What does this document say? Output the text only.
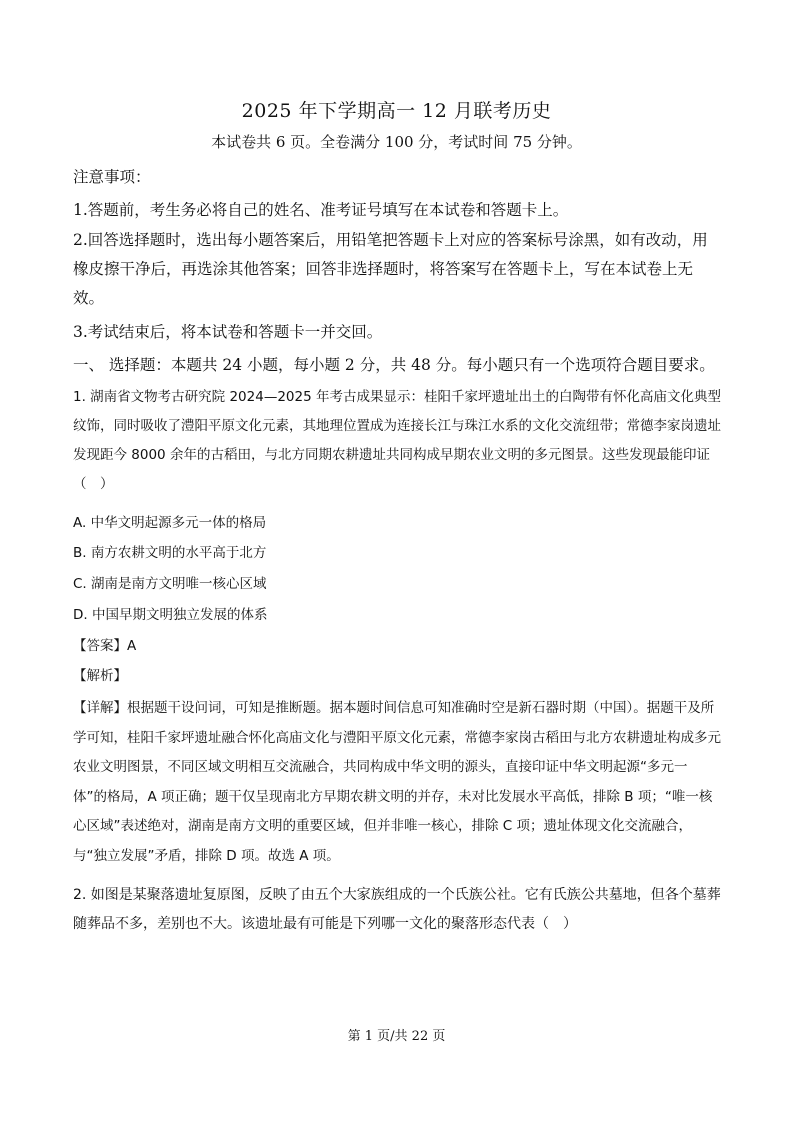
2025 年下学期高一 12 月联考历史
本试卷共 6 页。全卷满分 100 分，考试时间 75 分钟。
注意事项：
1.答题前，考生务必将自己的姓名、准考证号填写在本试卷和答题卡上。
2.回答选择题时，选出每小题答案后，用铅笔把答题卡上对应的答案标号涂黑，如有改动，用橡皮擦干净后，再选涂其他答案；回答非选择题时，将答案写在答题卡上，写在本试卷上无效。
3.考试结束后，将本试卷和答题卡一并交回。
一、 选择题：本题共 24 小题，每小题 2 分，共 48 分。每小题只有一个选项符合题目要求。
1. 湖南省文物考古研究院 2024—2025 年考古成果显示：桂阳千家坪遗址出土的白陶带有怀化高庙文化典型纹饰，同时吸收了澧阳平原文化元素，其地理位置成为连接长江与珠江水系的文化交流纽带；常德李家岗遗址发现距今 8000 余年的古稻田，与北方同期农耕遗址共同构成早期农业文明的多元图景。这些发现最能印证（　）
A. 中华文明起源多元一体的格局
B. 南方农耕文明的水平高于北方
C. 湖南是南方文明唯一核心区域
D. 中国早期文明独立发展的体系
【答案】A
【解析】
【详解】根据题干设问词，可知是推断题。据本题时间信息可知准确时空是新石器时期（中国）。据题干及所学可知，桂阳千家坪遗址融合怀化高庙文化与澧阳平原文化元素，常德李家岗古稻田与北方农耕遗址构成多元农业文明图景，不同区域文明相互交流融合，共同构成中华文明的源头，直接印证中华文明起源“多元一体”的格局，A 项正确；题干仅呈现南北方早期农耕文明的并存，未对比发展水平高低，排除 B 项；“唯一核心区域”表述绝对，湖南是南方文明的重要区域，但并非唯一核心，排除 C 项；遗址体现文化交流融合，与“独立发展”矛盾，排除 D 项。故选 A 项。
2. 如图是某聚落遗址复原图，反映了由五个大家族组成的一个氏族公社。它有氏族公共墓地，但各个墓葬随葬品不多，差别也不大。该遗址最有可能是下列哪一文化的聚落形态代表（　）
第 1 页/共 22 页
